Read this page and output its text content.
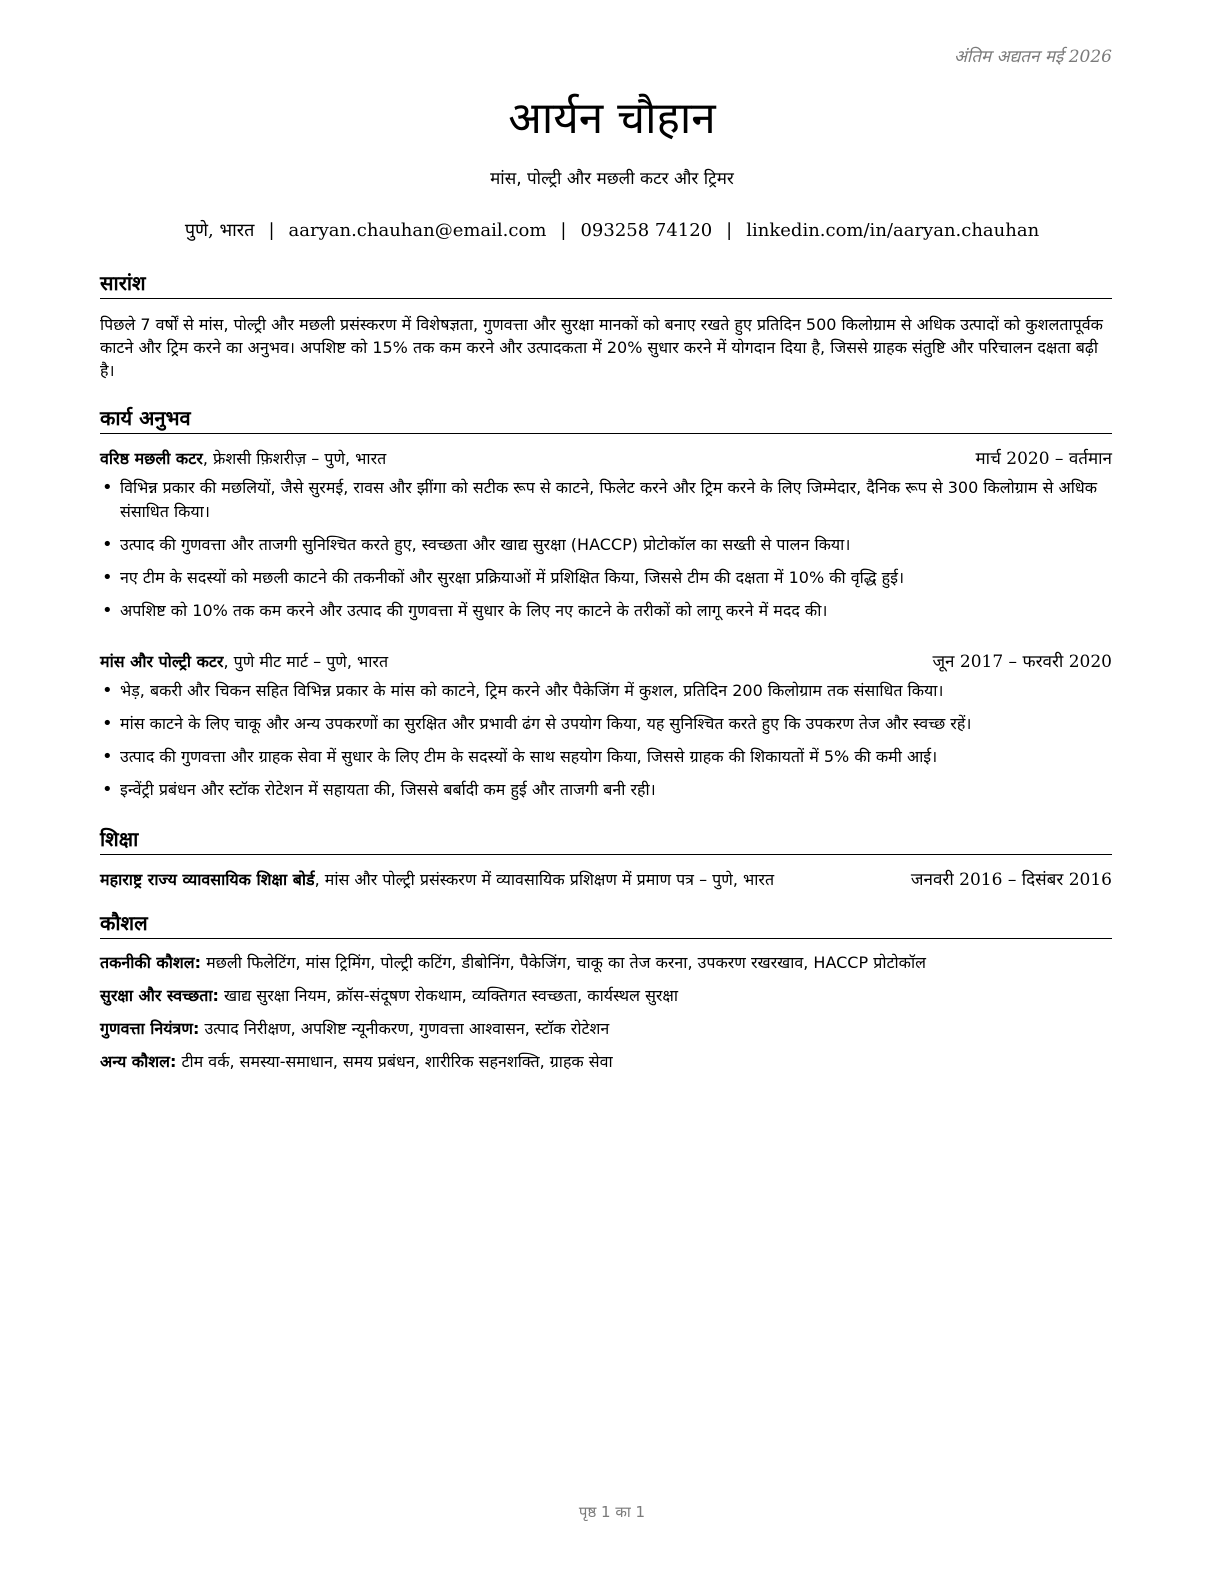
अंतिम अद्यतन मई 2026
आर्यन चौहान
मांस, पोल्ट्री और मछली कटर और ट्रिमर
पुणे, भारत | aaryan.chauhan@email.com | 093258 74120 | linkedin.com/in/aaryan.chauhan
सारांश

पिछले 7 वर्षों से मांस, पोल्ट्री और मछली प्रसंस्करण में विशेषज्ञता, गुणवत्ता और सुरक्षा मानकों को बनाए रखते हुए प्रतिदिन 500 किलोग्राम से अधिक उत्पादों को कुशलतापूर्वक काटने और ट्रिम करने का अनुभव। अपशिष्ट को 15% तक कम करने और उत्पादकता में 20% सुधार करने में योगदान दिया है, जिससे ग्राहक संतुष्टि और परिचालन दक्षता बढ़ी है।

कार्य अनुभव
वरिष्ठ मछली कटर, फ्रेशसी फ़िशरीज़ – पुणे, भारत	मार्च 2020 – वर्तमान
• विभिन्न प्रकार की मछलियों, जैसे सुरमई, रावस और झींगा को सटीक रूप से काटने, फिलेट करने और ट्रिम करने के लिए जिम्मेदार, दैनिक रूप से 300 किलोग्राम से अधिक संसाधित किया।
• उत्पाद की गुणवत्ता और ताजगी सुनिश्चित करते हुए, स्वच्छता और खाद्य सुरक्षा (HACCP) प्रोटोकॉल का सख्ती से पालन किया।
• नए टीम के सदस्यों को मछली काटने की तकनीकों और सुरक्षा प्रक्रियाओं में प्रशिक्षित किया, जिससे टीम की दक्षता में 10% की वृद्धि हुई।
• अपशिष्ट को 10% तक कम करने और उत्पाद की गुणवत्ता में सुधार के लिए नए काटने के तरीकों को लागू करने में मदद की।
मांस और पोल्ट्री कटर, पुणे मीट मार्ट – पुणे, भारत	जून 2017 – फरवरी 2020
• भेड़, बकरी और चिकन सहित विभिन्न प्रकार के मांस को काटने, ट्रिम करने और पैकेजिंग में कुशल, प्रतिदिन 200 किलोग्राम तक संसाधित किया।
• मांस काटने के लिए चाकू और अन्य उपकरणों का सुरक्षित और प्रभावी ढंग से उपयोग किया, यह सुनिश्चित करते हुए कि उपकरण तेज और स्वच्छ रहें।
• उत्पाद की गुणवत्ता और ग्राहक सेवा में सुधार के लिए टीम के सदस्यों के साथ सहयोग किया, जिससे ग्राहक की शिकायतों में 5% की कमी आई।
• इन्वेंट्री प्रबंधन और स्टॉक रोटेशन में सहायता की, जिससे बर्बादी कम हुई और ताजगी बनी रही।
शिक्षा
महाराष्ट्र राज्य व्यावसायिक शिक्षा बोर्ड, मांस और पोल्ट्री प्रसंस्करण में व्यावसायिक प्रशिक्षण में प्रमाण पत्र – पुणे, भारत	जनवरी 2016 – दिसंबर 2016
कौशल
तकनीकी कौशल: मछली फिलेटिंग, मांस ट्रिमिंग, पोल्ट्री कटिंग, डीबोनिंग, पैकेजिंग, चाकू का तेज करना, उपकरण रखरखाव, HACCP प्रोटोकॉल
सुरक्षा और स्वच्छता: खाद्य सुरक्षा नियम, क्रॉस-संदूषण रोकथाम, व्यक्तिगत स्वच्छता, कार्यस्थल सुरक्षा
गुणवत्ता नियंत्रण: उत्पाद निरीक्षण, अपशिष्ट न्यूनीकरण, गुणवत्ता आश्वासन, स्टॉक रोटेशन
अन्य कौशल: टीम वर्क, समस्या-समाधान, समय प्रबंधन, शारीरिक सहनशक्ति, ग्राहक सेवा
पृष्ठ 1 का 1
